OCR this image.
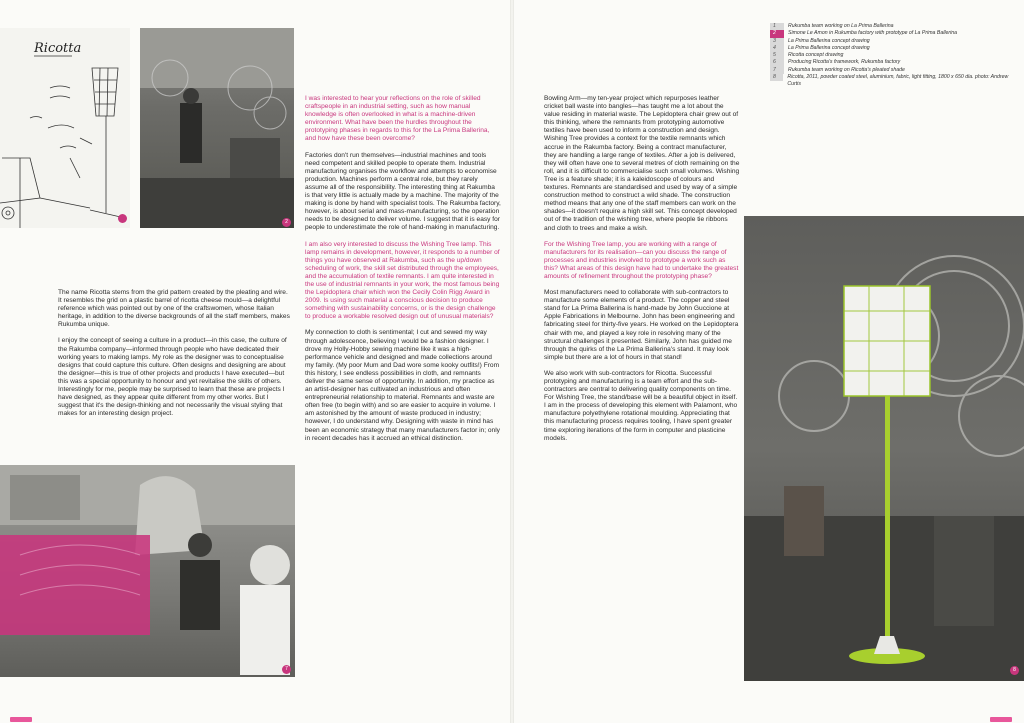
Ricotta
2
7

The name Ricotta stems from the grid pattern created by the pleating and wire. It resembles the grid on a plastic barrel of ricotta cheese mould—a delightful reference which was pointed out by one of the craftswomen, whose Italian heritage, in addition to the diverse backgrounds of all the staff members, makes Rukumba unique.

I enjoy the concept of seeing a culture in a product—in this case, the culture of the Rakumba company—informed through people who have dedicated their working years to making lamps. My role as the designer was to conceptualise designs that could capture this culture. Often designs and designing are about the designer—this is true of other projects and products I have executed—but this was a special opportunity to honour and yet revitalise the skills of others. Interestingly for me, people may be surprised to learn that these are projects I have designed, as they appear quite different from my other works. But I suggest that it's the design-thinking and not necessarily the visual styling that makes for an interesting design project.

I was interested to hear your reflections on the role of skilled craftspeople in an industrial setting, such as how manual knowledge is often overlooked in what is a machine-driven environment. What have been the hurdles throughout the prototyping phases in regards to this for the La Prima Ballerina, and how have these been overcome?

Factories don't run themselves—industrial machines and tools need competent and skilled people to operate them. Industrial manufacturing organises the workflow and attempts to economise production. Machines perform a central role, but they rarely assume all of the responsibility. The interesting thing at Rakumba is that very little is actually made by a machine. The majority of the making is done by hand with specialist tools. The Rakumba factory, however, is about serial and mass-manufacturing, so the operation needs to be designed to deliver volume. I suggest that it is easy for people to underestimate the role of hand-making in manufacturing.

I am also very interested to discuss the Wishing Tree lamp. This lamp remains in development, however, it responds to a number of things you have observed at Rakumba, such as the up/down scheduling of work, the skill set distributed through the employees, and the accumulation of textile remnants. I am quite interested in the use of industrial remnants in your work, the most famous being the Lepidoptera chair which won the Cecily Colin Rigg Award in 2009. Is using such material a conscious decision to produce something with sustainability concerns, or is the design challenge to produce a workable resolved design out of unusual materials?

My connection to cloth is sentimental; I cut and sewed my way through adolescence, believing I would be a fashion designer. I drove my Holly-Hobby sewing machine like it was a high-performance vehicle and designed and made collections around my family. (My poor Mum and Dad wore some kooky outfits!) From this history, I see endless possibilities in cloth, and remnants deliver the same sense of opportunity. In addition, my practice as an artist-designer has cultivated an industrious and often entrepreneurial relationship to material. Remnants and waste are often free (to begin with) and so are easier to acquire in volume. I am astonished by the amount of waste produced in industry; however, I do understand why. Designing with waste in mind has been an economic strategy that many manufacturers factor in; only in recent decades has it accrued an ethical distinction.

Bowling Arm—my ten-year project which repurposes leather cricket ball waste into bangles—has taught me a lot about the value residing in material waste. The Lepidoptera chair grew out of this thinking, where the remnants from prototyping automotive textiles have been used to inform a construction and design. Wishing Tree provides a context for the textile remnants which accrue in the Rakumba factory. Being a contract manufacturer, they are handling a large range of textiles. After a job is delivered, they will often have one to several metres of cloth remaining on the roll, and it is difficult to commercialise such small volumes. Wishing Tree is a feature shade; it is a kaleidoscope of colours and textures. Remnants are standardised and used by way of a simple construction method to construct a wild shade. The construction method means that any one of the staff members can work on the shades—it doesn't require a high skill set. This concept developed out of the tradition of the wishing tree, where people tie ribbons and cloth to trees and make a wish.

For the Wishing Tree lamp, you are working with a range of manufacturers for its realisation—can you discuss the range of processes and industries involved to prototype a work such as this? What areas of this design have had to undertake the greatest amounts of refinement throughout the prototyping phase?

Most manufacturers need to collaborate with sub-contractors to manufacture some elements of a product. The copper and steel stand for La Prima Ballerina is hand-made by John Guccione at Apple Fabrications in Melbourne. John has been engineering and fabricating steel for thirty-five years. He worked on the Lepidoptera chair with me, and played a key role in resolving many of the structural challenges it presented. Similarly, John has guided me through the quirks of the La Prima Ballerina's stand. It may look simple but there are a lot of hours in that stand!

We also work with sub-contractors for Ricotta. Successful prototyping and manufacturing is a team effort and the sub-contractors are central to delivering quality components on time. For Wishing Tree, the stand/base will be a beautiful object in itself. I am in the process of developing this element with Palamont, who manufacture polyethylene rotational moulding. Appreciating that this manufacturing process requires tooling, I have spent greater time exploring iterations of the form in computer and plasticine models.

1	Rukumba team working on La Prima Ballerina
2	Simone Le Amon in Rukumba factory with prototype of La Prima Ballerina
3	La Prima Ballerina concept drawing
4	La Prima Ballerina concept drawing
5	Ricotta concept drawing
6	Producing Ricotta's framework, Rukumba factory
7	Rukumba team working on Ricotta's pleated shade
8	Ricotta, 2011, powder coated steel, aluminium, fabric, light fitting, 1800 x 650 dia. photo: Andrew Curtis
8
